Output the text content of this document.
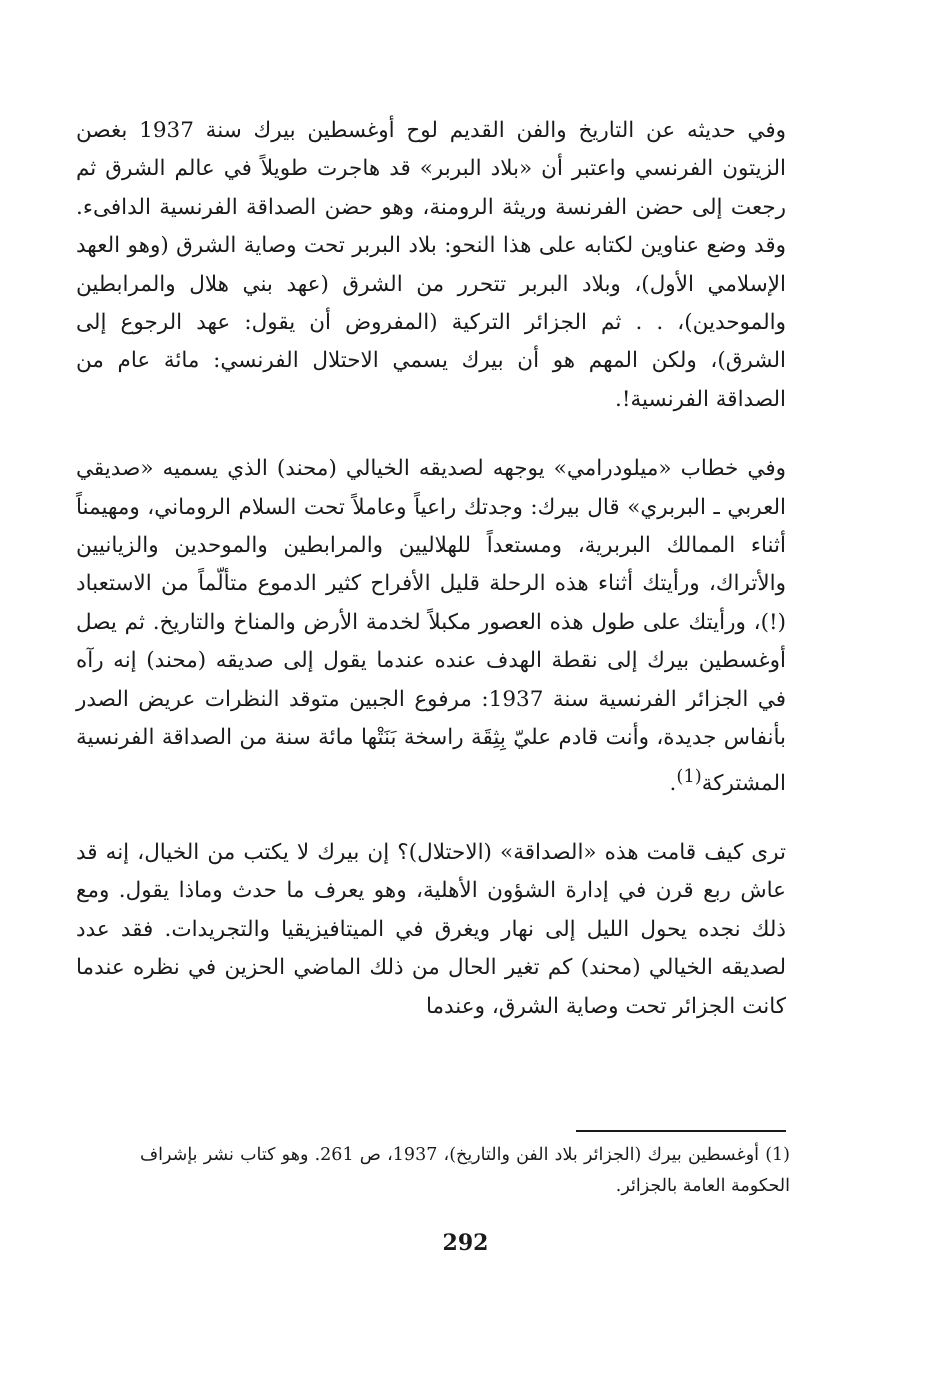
وفي حديثه عن التاريخ والفن القديم لوح أوغسطين بيرك سنة 1937 بغصن الزيتون الفرنسي واعتبر أن «بلاد البربر» قد هاجرت طويلاً في عالم الشرق ثم رجعت إلى حضن الفرنسة وريثة الرومنة، وهو حضن الصداقة الفرنسية الدافىء. وقد وضع عناوين لكتابه على هذا النحو: بلاد البربر تحت وصاية الشرق (وهو العهد الإسلامي الأول)، وبلاد البربر تتحرر من الشرق (عهد بني هلال والمرابطين والموحدين)، . . ثم الجزائر التركية (المفروض أن يقول: عهد الرجوع إلى الشرق)، ولكن المهم هو أن بيرك يسمي الاحتلال الفرنسي: مائة عام من الصداقة الفرنسية!.

وفي خطاب «ميلودرامي» يوجهه لصديقه الخيالي (محند) الذي يسميه «صديقي العربي ـ البربري» قال بيرك: وجدتك راعياً وعاملاً تحت السلام الروماني، ومهيمناً أثناء الممالك البربرية، ومستعداً للهلاليين والمرابطين والموحدين والزيانيين والأتراك، ورأيتك أثناء هذه الرحلة قليل الأفراح كثير الدموع متألّماً من الاستعباد (!)، ورأيتك على طول هذه العصور مكبلاً لخدمة الأرض والمناخ والتاريخ. ثم يصل أوغسطين بيرك إلى نقطة الهدف عنده عندما يقول إلى صديقه (محند) إنه رآه في الجزائر الفرنسية سنة 1937: مرفوع الجبين متوقد النظرات عريض الصدر بأنفاس جديدة، وأنت قادم عليّ بِثِقَة راسخة بَنَتْها مائة سنة من الصداقة الفرنسية المشتركة$^{(1)}$.

ترى كيف قامت هذه «الصداقة» (الاحتلال)؟ إن بيرك لا يكتب من الخيال، إنه قد عاش ربع قرن في إدارة الشؤون الأهلية، وهو يعرف ما حدث وماذا يقول. ومع ذلك نجده يحول الليل إلى نهار ويغرق في الميتافيزيقيا والتجريدات. فقد عدد لصديقه الخيالي (محند) كم تغير الحال من ذلك الماضي الحزين في نظره عندما كانت الجزائر تحت وصاية الشرق، وعندما

(1) أوغسطين بيرك (الجزائر بلاد الفن والتاريخ)، 1937، ص 261. وهو كتاب نشر بإشراف الحكومة العامة بالجزائر.

292
